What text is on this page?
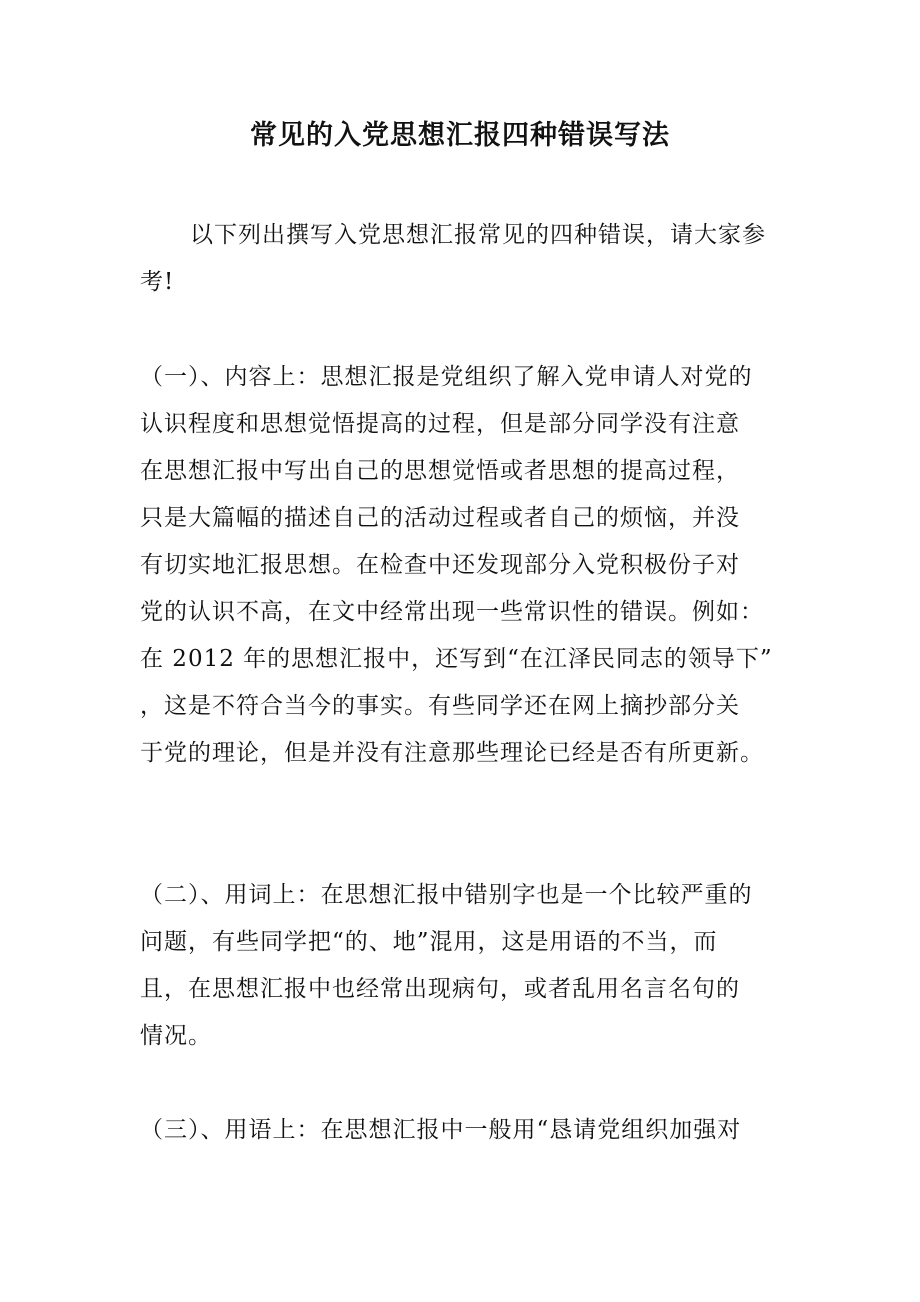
常见的入党思想汇报四种错误写法
以下列出撰写入党思想汇报常见的四种错误，请大家参
考!
（一）、内容上：思想汇报是党组织了解入党申请人对党的
认识程度和思想觉悟提高的过程，但是部分同学没有注意
在思想汇报中写出自己的思想觉悟或者思想的提高过程，
只是大篇幅的描述自己的活动过程或者自己的烦恼，并没
有切实地汇报思想。在检查中还发现部分入党积极份子对
党的认识不高，在文中经常出现一些常识性的错误。例如：
在 2012 年的思想汇报中，还写到“在江泽民同志的领导下”
，这是不符合当今的事实。有些同学还在网上摘抄部分关
于党的理论，但是并没有注意那些理论已经是否有所更新。
（二）、用词上：在思想汇报中错别字也是一个比较严重的
问题，有些同学把“的、地”混用，这是用语的不当，而
且，在思想汇报中也经常出现病句，或者乱用名言名句的
情况。
（三）、用语上：在思想汇报中一般用“恳请党组织加强对
